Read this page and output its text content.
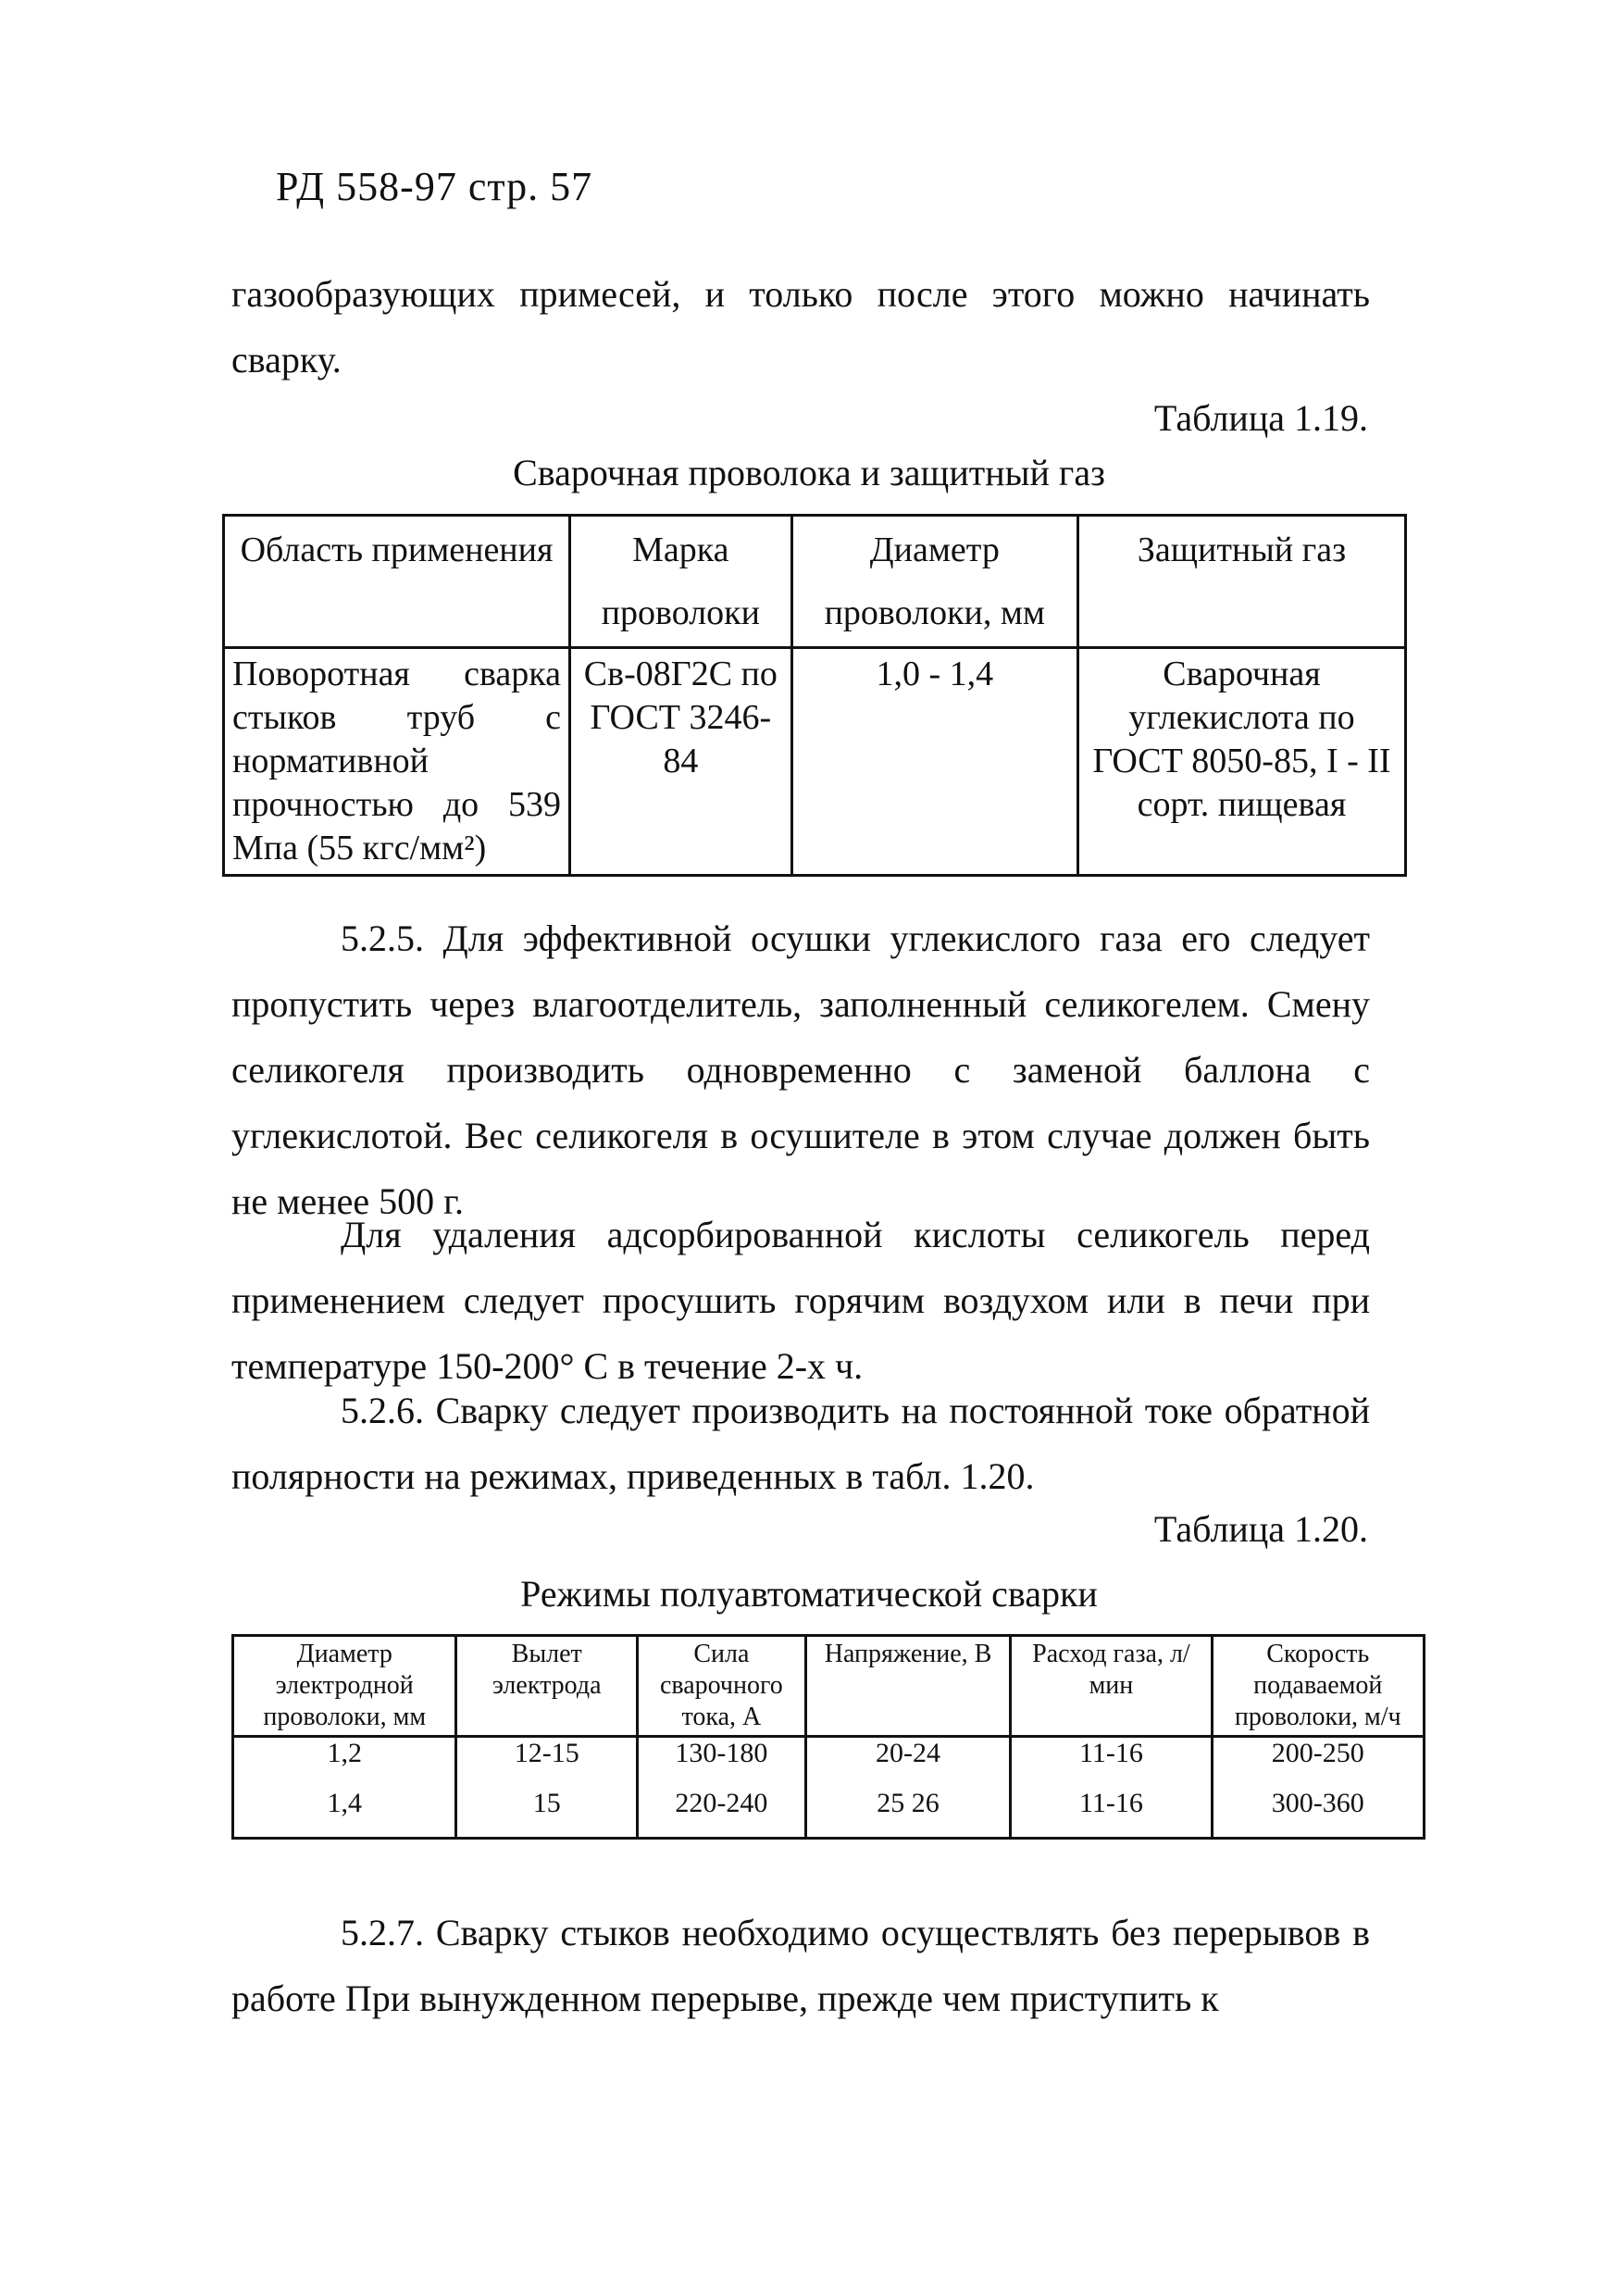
РД 558-97 стр. 57

газообразующих примесей, и только после этого можно начинать сварку.

Таблица 1.19.
Сварочная проволока и защитный газ
Область применения	Марка проволоки	Диаметр проволоки, мм	Защитный газ
Поворотная сварка стыков труб с нормативной прочностью до 539 Мпа (55 кгс/мм²)	Св-08Г2С по ГОСТ 3246-84	1,0 - 1,4	Сварочная углекислота по ГОСТ 8050-85, I - II сорт. пищевая

5.2.5. Для эффективной осушки углекислого газа его следует пропустить через влагоотделитель, заполненный селикогелем. Смену селикогеля производить одновременно с заменой баллона с углекислотой. Вес селикогеля в осушителе в этом случае должен быть не менее 500 г.

Для удаления адсорбированной кислоты селикогель перед применением следует просушить горячим воздухом или в печи при температуре 150-200° С в течение 2-х ч.

5.2.6. Сварку следует производить на постоянной токе обратной полярности на режимах, приведенных в табл. 1.20.

Таблица 1.20.
Режимы полуавтоматической сварки
Диаметр электродной проволоки, мм	Вылет электрода	Сила сварочного тока, А	Напряжение, В	Расход газа, л/мин	Скорость подаваемой проволоки, м/ч
1,2	12-15	130-180	20-24	11-16	200-250
1,4	15	220-240	25 26	11-16	300-360

5.2.7. Сварку стыков необходимо осуществлять без перерывов в работе При вынужденном перерыве, прежде чем приступить к
